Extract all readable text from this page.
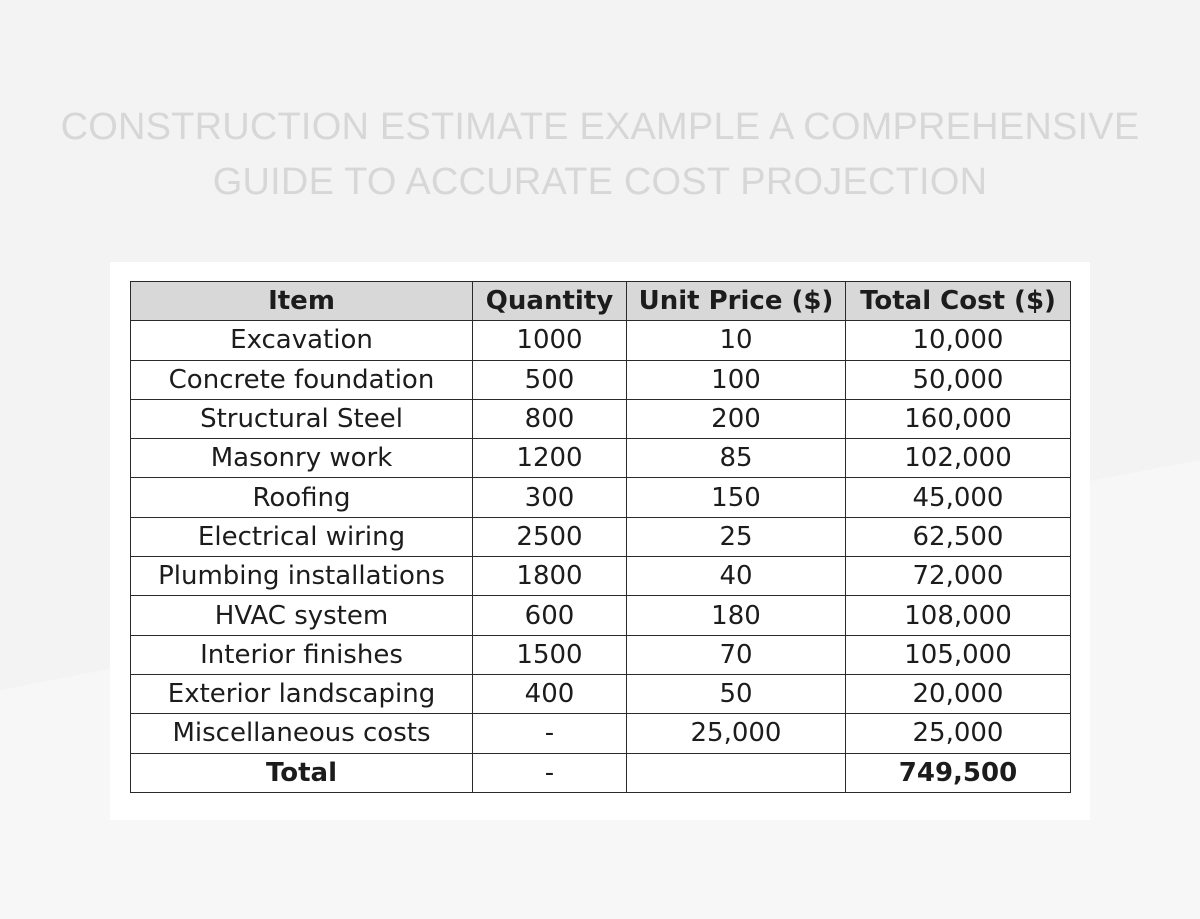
CONSTRUCTION ESTIMATE EXAMPLE A COMPREHENSIVE
GUIDE TO ACCURATE COST PROJECTION
Item	Quantity	Unit Price ($)	Total Cost ($)
Excavation	1000	10	10,000
Concrete foundation	500	100	50,000
Structural Steel	800	200	160,000
Masonry work	1200	85	102,000
Roofing	300	150	45,000
Electrical wiring	2500	25	62,500
Plumbing installations	1800	40	72,000
HVAC system	600	180	108,000
Interior finishes	1500	70	105,000
Exterior landscaping	400	50	20,000
Miscellaneous costs	-	25,000	25,000
Total	-		749,500
